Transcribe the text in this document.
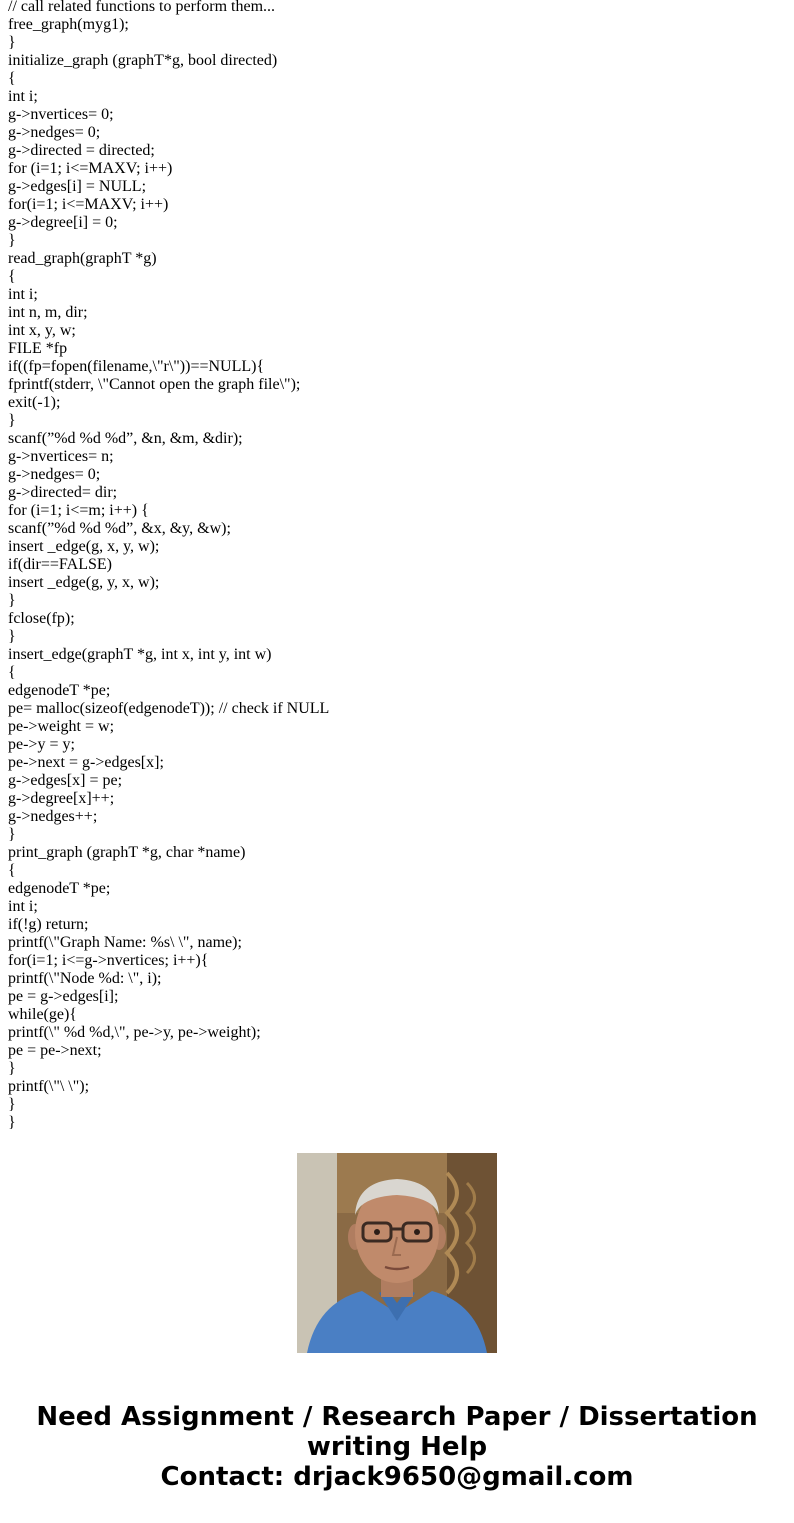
// call related functions to perform them...
free_graph(myg1);
}
initialize_graph (graphT*g, bool directed)
{
int i;
g->nvertices= 0;
g->nedges= 0;
g->directed = directed;
for (i=1; i<=MAXV; i++)
g->edges[i] = NULL;
for(i=1; i<=MAXV; i++)
g->degree[i] = 0;
}
read_graph(graphT *g)
{
int i;
int n, m, dir;
int x, y, w;
FILE *fp
if((fp=fopen(filename,\"r\"))==NULL){
fprintf(stderr, \"Cannot open the graph file\");
exit(-1);
}
scanf(”%d %d %d”, &n, &m, &dir);
g->nvertices= n;
g->nedges= 0;
g->directed= dir;
for (i=1; i<=m; i++) {
scanf(”%d %d %d”, &x, &y, &w);
insert _edge(g, x, y, w);
if(dir==FALSE)
insert _edge(g, y, x, w);
}
fclose(fp);
}
insert_edge(graphT *g, int x, int y, int w)
{
edgenodeT *pe;
pe= malloc(sizeof(edgenodeT)); // check if NULL
pe->weight = w;
pe->y = y;
pe->next = g->edges[x];
g->edges[x] = pe;
g->degree[x]++;
g->nedges++;
}
print_graph (graphT *g, char *name)
{
edgenodeT *pe;
int i;
if(!g) return;
printf(\"Graph Name: %s\ \", name);
for(i=1; i<=g->nvertices; i++){
printf(\"Node %d: \", i);
pe = g->edges[i];
while(ge){
printf(\" %d %d,\", pe->y, pe->weight);
pe = pe->next;
}
printf(\"\ \");
}
}
Need Assignment / Research Paper / Dissertation
writing Help
Contact: drjack9650@gmail.com
